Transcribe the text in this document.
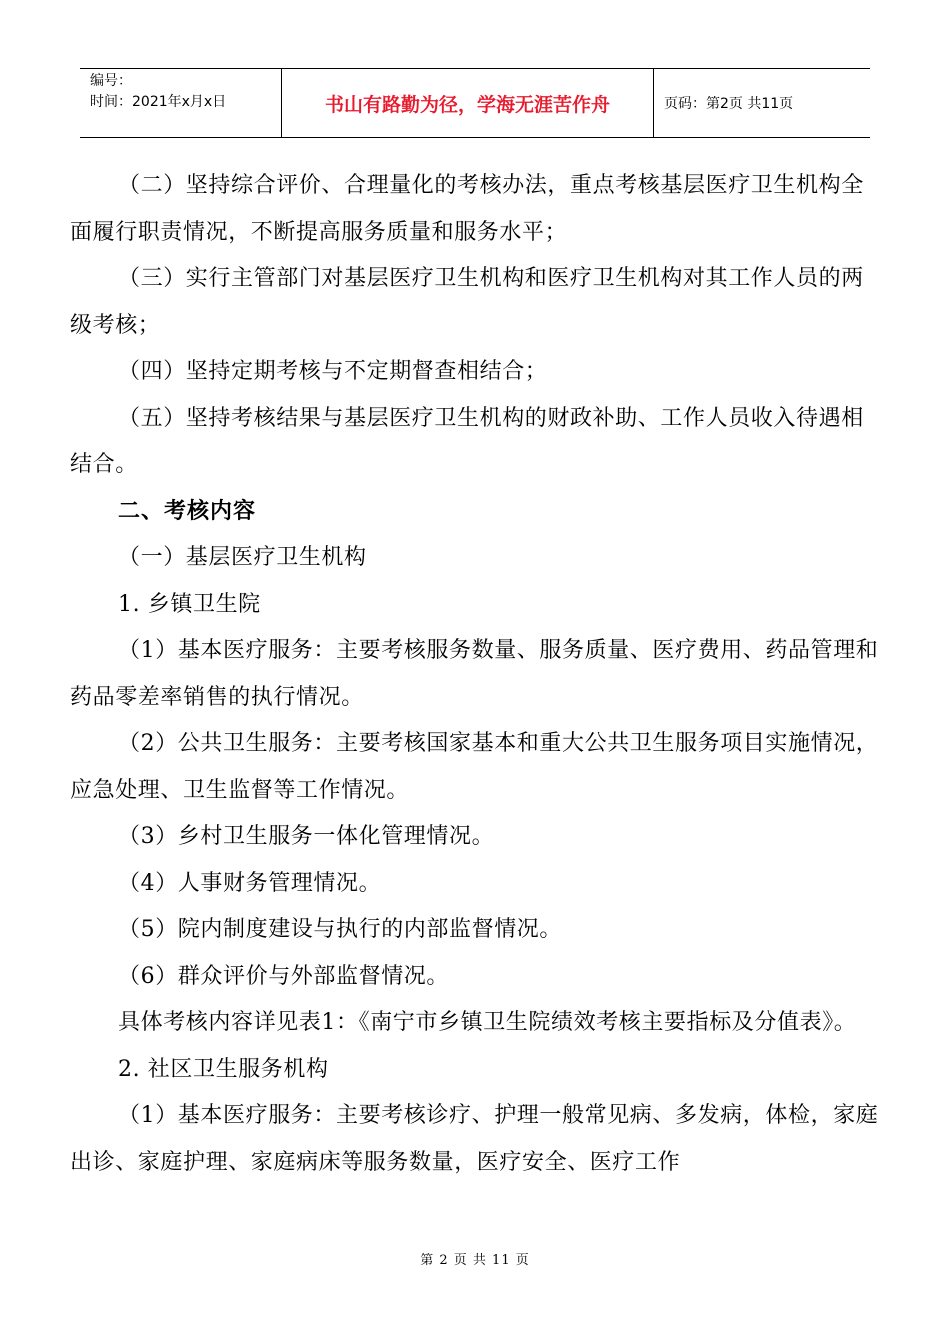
编号：
时间：2021年x月x日	书山有路勤为径，学海无涯苦作舟	页码：第2页 共11页

（二）坚持综合评价、合理量化的考核办法，重点考核基层医疗卫生机构全面履行职责情况，不断提高服务质量和服务水平；

（三）实行主管部门对基层医疗卫生机构和医疗卫生机构对其工作人员的两级考核；

（四）坚持定期考核与不定期督查相结合；

（五）坚持考核结果与基层医疗卫生机构的财政补助、工作人员收入待遇相结合。

二、考核内容

（一）基层医疗卫生机构

1. 乡镇卫生院

（1）基本医疗服务：主要考核服务数量、服务质量、医疗费用、药品管理和药品零差率销售的执行情况。

（2）公共卫生服务：主要考核国家基本和重大公共卫生服务项目实施情况，应急处理、卫生监督等工作情况。

（3）乡村卫生服务一体化管理情况。

（4）人事财务管理情况。

（5）院内制度建设与执行的内部监督情况。

（6）群众评价与外部监督情况。

具体考核内容详见表1：《南宁市乡镇卫生院绩效考核主要指标及分值表》。

2. 社区卫生服务机构

（1）基本医疗服务：主要考核诊疗、护理一般常见病、多发病，体检，家庭出诊、家庭护理、家庭病床等服务数量，医疗安全、医疗工作

第 2 页 共 11 页
